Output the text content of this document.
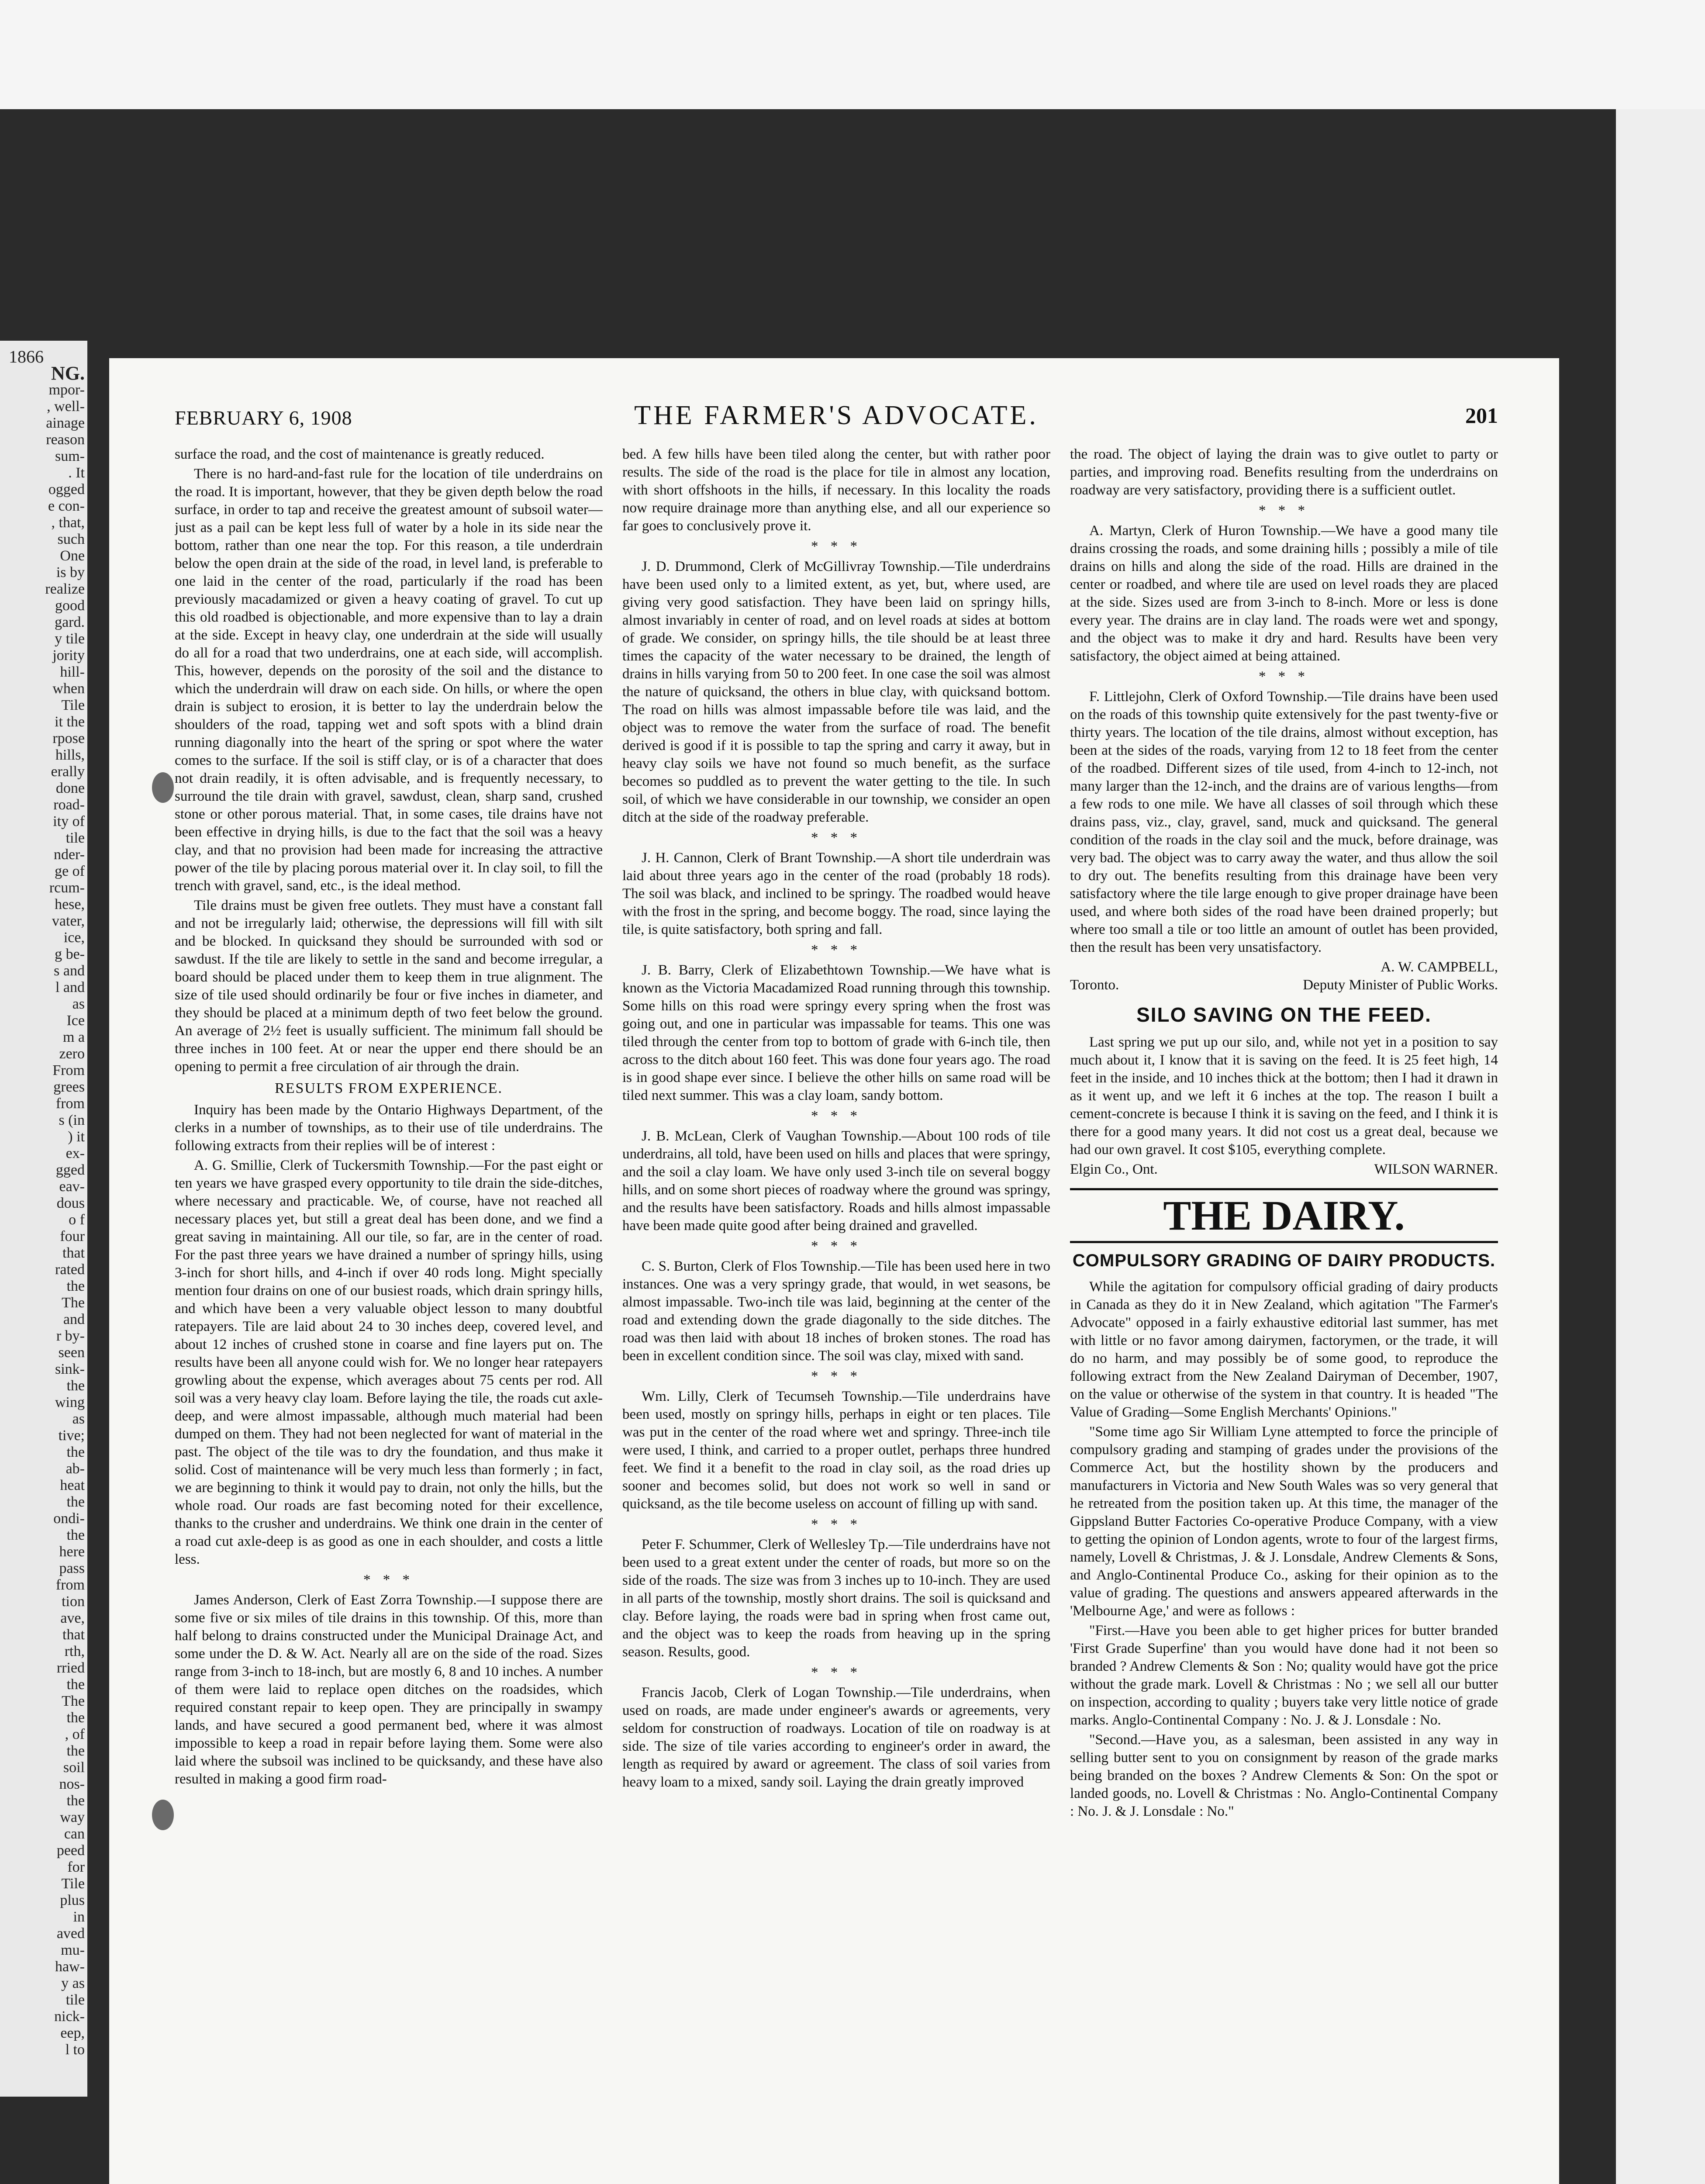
1866
NG.
mpor-
, well-
ainage
reason
sum-
. It
ogged
e con-
, that,
such
One
is by
realize
good
gard.
y tile
jority
hill-
when
Tile
it the
rpose
hills,
erally
done
road-
ity of
tile
nder-
ge of
rcum-
hese,
vater,
ice,
g be-
s and
l and
as
Ice
m a
zero
From
grees
from
s (in
) it
ex-
gged
eav-
dous
o f
four
that
rated
the
The
and
r by-
seen
sink-
the
wing
as
tive;
the
ab-
heat
the
ondi-
the
here
pass
from
tion
ave,
that
rth,
rried
the
The
the
, of
the
soil
nos-
the
way
can
peed
for
Tile
plus
in
aved
mu-
haw-
y as
tile
nick-
eep,
l to
FEBRUARY 6, 1908	THE FARMER'S ADVOCATE.	201

surface the road, and the cost of maintenance is greatly reduced.

There is no hard-and-fast rule for the location of tile underdrains on the road. It is important, however, that they be given depth below the road surface, in order to tap and receive the greatest amount of subsoil water—just as a pail can be kept less full of water by a hole in its side near the bottom, rather than one near the top. For this reason, a tile underdrain below the open drain at the side of the road, in level land, is preferable to one laid in the center of the road, particularly if the road has been previously macadamized or given a heavy coating of gravel. To cut up this old roadbed is objectionable, and more expensive than to lay a drain at the side. Except in heavy clay, one underdrain at the side will usually do all for a road that two underdrains, one at each side, will accomplish. This, however, depends on the porosity of the soil and the distance to which the underdrain will draw on each side. On hills, or where the open drain is subject to erosion, it is better to lay the underdrain below the shoulders of the road, tapping wet and soft spots with a blind drain running diagonally into the heart of the spring or spot where the water comes to the surface. If the soil is stiff clay, or is of a character that does not drain readily, it is often advisable, and is frequently necessary, to surround the tile drain with gravel, sawdust, clean, sharp sand, crushed stone or other porous material. That, in some cases, tile drains have not been effective in drying hills, is due to the fact that the soil was a heavy clay, and that no provision had been made for increasing the attractive power of the tile by placing porous material over it. In clay soil, to fill the trench with gravel, sand, etc., is the ideal method.

Tile drains must be given free outlets. They must have a constant fall and not be irregularly laid; otherwise, the depressions will fill with silt and be blocked. In quicksand they should be surrounded with sod or sawdust. If the tile are likely to settle in the sand and become irregular, a board should be placed under them to keep them in true alignment. The size of tile used should ordinarily be four or five inches in diameter, and they should be placed at a minimum depth of two feet below the ground. An average of 2½ feet is usually sufficient. The minimum fall should be three inches in 100 feet. At or near the upper end there should be an opening to permit a free circulation of air through the drain.

RESULTS FROM EXPERIENCE.

Inquiry has been made by the Ontario Highways Department, of the clerks in a number of townships, as to their use of tile underdrains. The following extracts from their replies will be of interest :

A. G. Smillie, Clerk of Tuckersmith Township.—For the past eight or ten years we have grasped every opportunity to tile drain the side-ditches, where necessary and practicable. We, of course, have not reached all necessary places yet, but still a great deal has been done, and we find a great saving in maintaining. All our tile, so far, are in the center of road. For the past three years we have drained a number of springy hills, using 3-inch for short hills, and 4-inch if over 40 rods long. Might specially mention four drains on one of our busiest roads, which drain springy hills, and which have been a very valuable object lesson to many doubtful ratepayers. Tile are laid about 24 to 30 inches deep, covered level, and about 12 inches of crushed stone in coarse and fine layers put on. The results have been all anyone could wish for. We no longer hear ratepayers growling about the expense, which averages about 75 cents per rod. All soil was a very heavy clay loam. Before laying the tile, the roads cut axle-deep, and were almost impassable, although much material had been dumped on them. They had not been neglected for want of material in the past. The object of the tile was to dry the foundation, and thus make it solid. Cost of maintenance will be very much less than formerly ; in fact, we are beginning to think it would pay to drain, not only the hills, but the whole road. Our roads are fast becoming noted for their excellence, thanks to the crusher and underdrains. We think one drain in the center of a road cut axle-deep is as good as one in each shoulder, and costs a little less.

* * *

James Anderson, Clerk of East Zorra Township.—I suppose there are some five or six miles of tile drains in this township. Of this, more than half belong to drains constructed under the Municipal Drainage Act, and some under the D. & W. Act. Nearly all are on the side of the road. Sizes range from 3-inch to 18-inch, but are mostly 6, 8 and 10 inches. A number of them were laid to replace open ditches on the roadsides, which required constant repair to keep open. They are principally in swampy lands, and have secured a good permanent bed, where it was almost impossible to keep a road in repair before laying them. Some were also laid where the subsoil was inclined to be quicksandy, and these have also resulted in making a good firm road-

bed. A few hills have been tiled along the center, but with rather poor results. The side of the road is the place for tile in almost any location, with short offshoots in the hills, if necessary. In this locality the roads now require drainage more than anything else, and all our experience so far goes to conclusively prove it.

* * *

J. D. Drummond, Clerk of McGillivray Township.—Tile underdrains have been used only to a limited extent, as yet, but, where used, are giving very good satisfaction. They have been laid on springy hills, almost invariably in center of road, and on level roads at sides at bottom of grade. We consider, on springy hills, the tile should be at least three times the capacity of the water necessary to be drained, the length of drains in hills varying from 50 to 200 feet. In one case the soil was almost the nature of quicksand, the others in blue clay, with quicksand bottom. The road on hills was almost impassable before tile was laid, and the object was to remove the water from the surface of road. The benefit derived is good if it is possible to tap the spring and carry it away, but in heavy clay soils we have not found so much benefit, as the surface becomes so puddled as to prevent the water getting to the tile. In such soil, of which we have considerable in our township, we consider an open ditch at the side of the roadway preferable.

* * *

J. H. Cannon, Clerk of Brant Township.—A short tile underdrain was laid about three years ago in the center of the road (probably 18 rods). The soil was black, and inclined to be springy. The roadbed would heave with the frost in the spring, and become boggy. The road, since laying the tile, is quite satisfactory, both spring and fall.

* * *

J. B. Barry, Clerk of Elizabethtown Township.—We have what is known as the Victoria Macadamized Road running through this township. Some hills on this road were springy every spring when the frost was going out, and one in particular was impassable for teams. This one was tiled through the center from top to bottom of grade with 6-inch tile, then across to the ditch about 160 feet. This was done four years ago. The road is in good shape ever since. I believe the other hills on same road will be tiled next summer. This was a clay loam, sandy bottom.

* * *

J. B. McLean, Clerk of Vaughan Township.—About 100 rods of tile underdrains, all told, have been used on hills and places that were springy, and the soil a clay loam. We have only used 3-inch tile on several boggy hills, and on some short pieces of roadway where the ground was springy, and the results have been satisfactory. Roads and hills almost impassable have been made quite good after being drained and gravelled.

* * *

C. S. Burton, Clerk of Flos Township.—Tile has been used here in two instances. One was a very springy grade, that would, in wet seasons, be almost impassable. Two-inch tile was laid, beginning at the center of the road and extending down the grade diagonally to the side ditches. The road was then laid with about 18 inches of broken stones. The road has been in excellent condition since. The soil was clay, mixed with sand.

* * *

Wm. Lilly, Clerk of Tecumseh Township.—Tile underdrains have been used, mostly on springy hills, perhaps in eight or ten places. Tile was put in the center of the road where wet and springy. Three-inch tile were used, I think, and carried to a proper outlet, perhaps three hundred feet. We find it a benefit to the road in clay soil, as the road dries up sooner and becomes solid, but does not work so well in sand or quicksand, as the tile become useless on account of filling up with sand.

* * *

Peter F. Schummer, Clerk of Wellesley Tp.—Tile underdrains have not been used to a great extent under the center of roads, but more so on the side of the roads. The size was from 3 inches up to 10-inch. They are used in all parts of the township, mostly short drains. The soil is quicksand and clay. Before laying, the roads were bad in spring when frost came out, and the object was to keep the roads from heaving up in the spring season. Results, good.

* * *

Francis Jacob, Clerk of Logan Township.—Tile underdrains, when used on roads, are made under engineer's awards or agreements, very seldom for construction of roadways. Location of tile on roadway is at side. The size of tile varies according to engineer's order in award, the length as required by award or agreement. The class of soil varies from heavy loam to a mixed, sandy soil. Laying the drain greatly improved

the road. The object of laying the drain was to give outlet to party or parties, and improving road. Benefits resulting from the underdrains on roadway are very satisfactory, providing there is a sufficient outlet.

* * *

A. Martyn, Clerk of Huron Township.—We have a good many tile drains crossing the roads, and some draining hills ; possibly a mile of tile drains on hills and along the side of the road. Hills are drained in the center or roadbed, and where tile are used on level roads they are placed at the side. Sizes used are from 3-inch to 8-inch. More or less is done every year. The drains are in clay land. The roads were wet and spongy, and the object was to make it dry and hard. Results have been very satisfactory, the object aimed at being attained.

* * *

F. Littlejohn, Clerk of Oxford Township.—Tile drains have been used on the roads of this township quite extensively for the past twenty-five or thirty years. The location of the tile drains, almost without exception, has been at the sides of the roads, varying from 12 to 18 feet from the center of the roadbed. Different sizes of tile used, from 4-inch to 12-inch, not many larger than the 12-inch, and the drains are of various lengths—from a few rods to one mile. We have all classes of soil through which these drains pass, viz., clay, gravel, sand, muck and quicksand. The general condition of the roads in the clay soil and the muck, before drainage, was very bad. The object was to carry away the water, and thus allow the soil to dry out. The benefits resulting from this drainage have been very satisfactory where the tile large enough to give proper drainage have been used, and where both sides of the road have been drained properly; but where too small a tile or too little an amount of outlet has been provided, then the result has been very unsatisfactory.

A. W. CAMPBELL,
Toronto.	Deputy Minister of Public Works.
SILO SAVING ON THE FEED.

Last spring we put up our silo, and, while not yet in a position to say much about it, I know that it is saving on the feed. It is 25 feet high, 14 feet in the inside, and 10 inches thick at the bottom; then I had it drawn in as it went up, and we left it 6 inches at the top. The reason I built a cement-concrete is because I think it is saving on the feed, and I think it is there for a good many years. It did not cost us a great deal, because we had our own gravel. It cost $105, everything complete.

Elgin Co., Ont.	WILSON WARNER.
THE DAIRY.
COMPULSORY GRADING OF DAIRY PRODUCTS.

While the agitation for compulsory official grading of dairy products in Canada as they do it in New Zealand, which agitation "The Farmer's Advocate" opposed in a fairly exhaustive editorial last summer, has met with little or no favor among dairymen, factorymen, or the trade, it will do no harm, and may possibly be of some good, to reproduce the following extract from the New Zealand Dairyman of December, 1907, on the value or otherwise of the system in that country. It is headed "The Value of Grading—Some English Merchants' Opinions."

"Some time ago Sir William Lyne attempted to force the principle of compulsory grading and stamping of grades under the provisions of the Commerce Act, but the hostility shown by the producers and manufacturers in Victoria and New South Wales was so very general that he retreated from the position taken up. At this time, the manager of the Gippsland Butter Factories Co-operative Produce Company, with a view to getting the opinion of London agents, wrote to four of the largest firms, namely, Lovell & Christmas, J. & J. Lonsdale, Andrew Clements & Sons, and Anglo-Continental Produce Co., asking for their opinion as to the value of grading. The questions and answers appeared afterwards in the 'Melbourne Age,' and were as follows :

"First.—Have you been able to get higher prices for butter branded 'First Grade Superfine' than you would have done had it not been so branded ? Andrew Clements & Son : No; quality would have got the price without the grade mark. Lovell & Christmas : No ; we sell all our butter on inspection, according to quality ; buyers take very little notice of grade marks. Anglo-Continental Company : No. J. & J. Lonsdale : No.

"Second.—Have you, as a salesman, been assisted in any way in selling butter sent to you on consignment by reason of the grade marks being branded on the boxes ? Andrew Clements & Son: On the spot or landed goods, no. Lovell & Christmas : No. Anglo-Continental Company : No. J. & J. Lonsdale : No."
